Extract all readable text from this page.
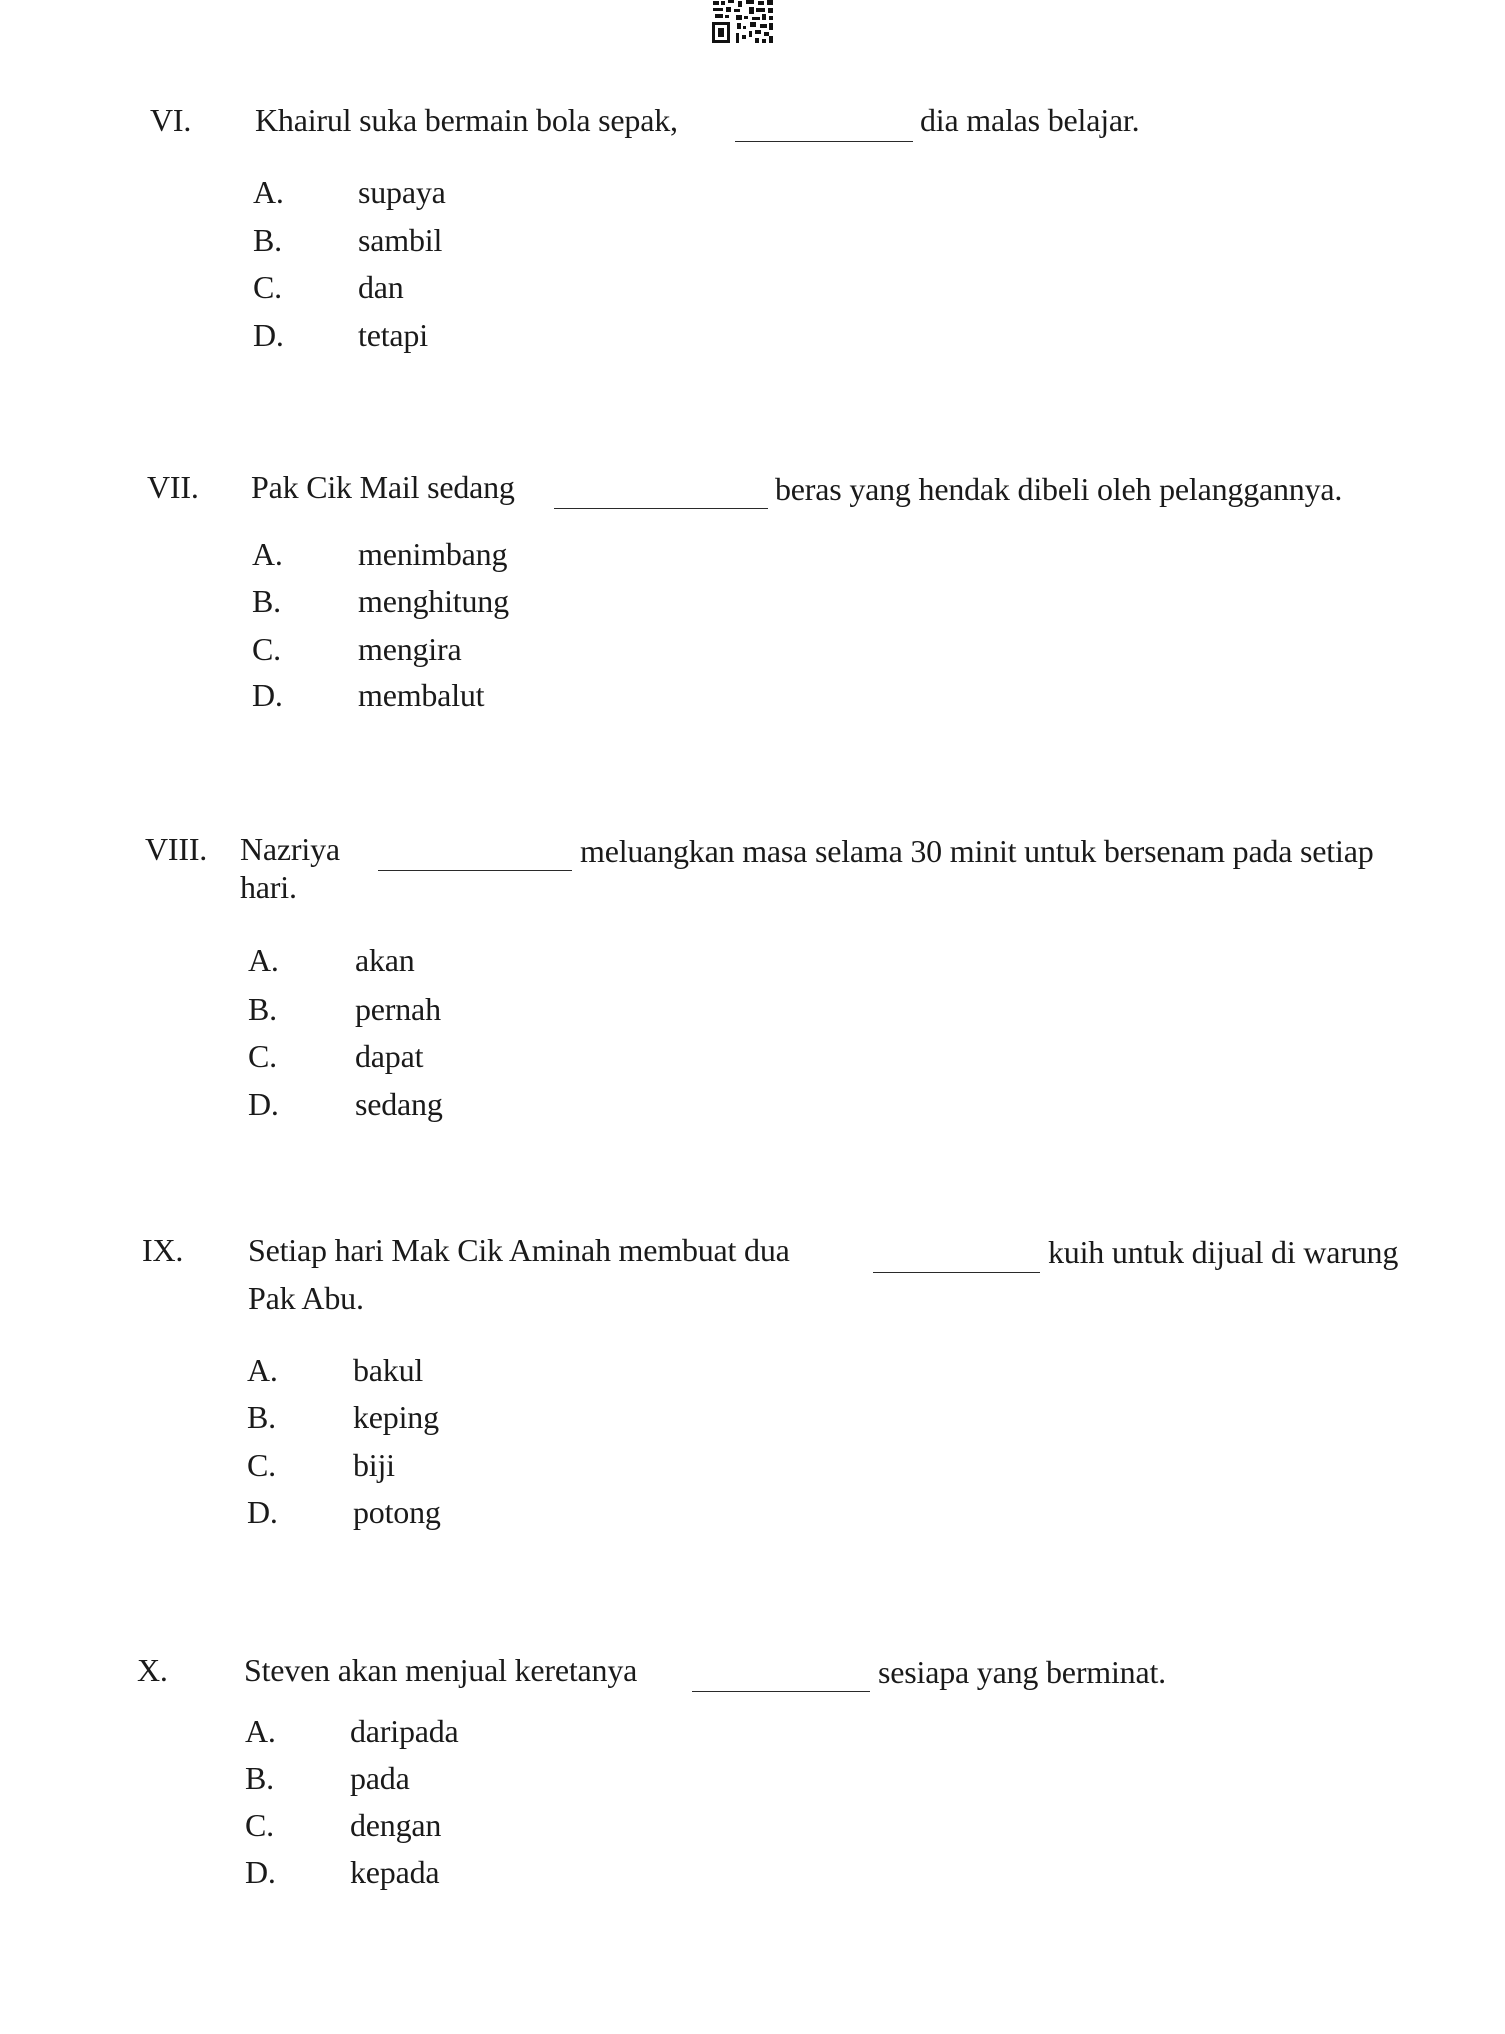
VI. Khairul suka bermain bola sepak,	dia malas belajar.
A. supaya
B. sambil
C. dan
D. tetapi
VII. Pak Cik Mail sedang	beras yang hendak dibeli oleh pelanggannya.
A. menimbang
B. menghitung
C. mengira
D. membalut
VIII. Nazriya	meluangkan masa selama 30 minit untuk bersenam pada setiap
hari.
A. akan
B. pernah
C. dapat
D. sedang
IX. Setiap hari Mak Cik Aminah membuat dua	kuih untuk dijual di warung
Pak Abu.
A. bakul
B. keping
C. biji
D. potong
X. Steven akan menjual keretanya	sesiapa yang berminat.
A. daripada
B. pada
C. dengan
D. kepada
